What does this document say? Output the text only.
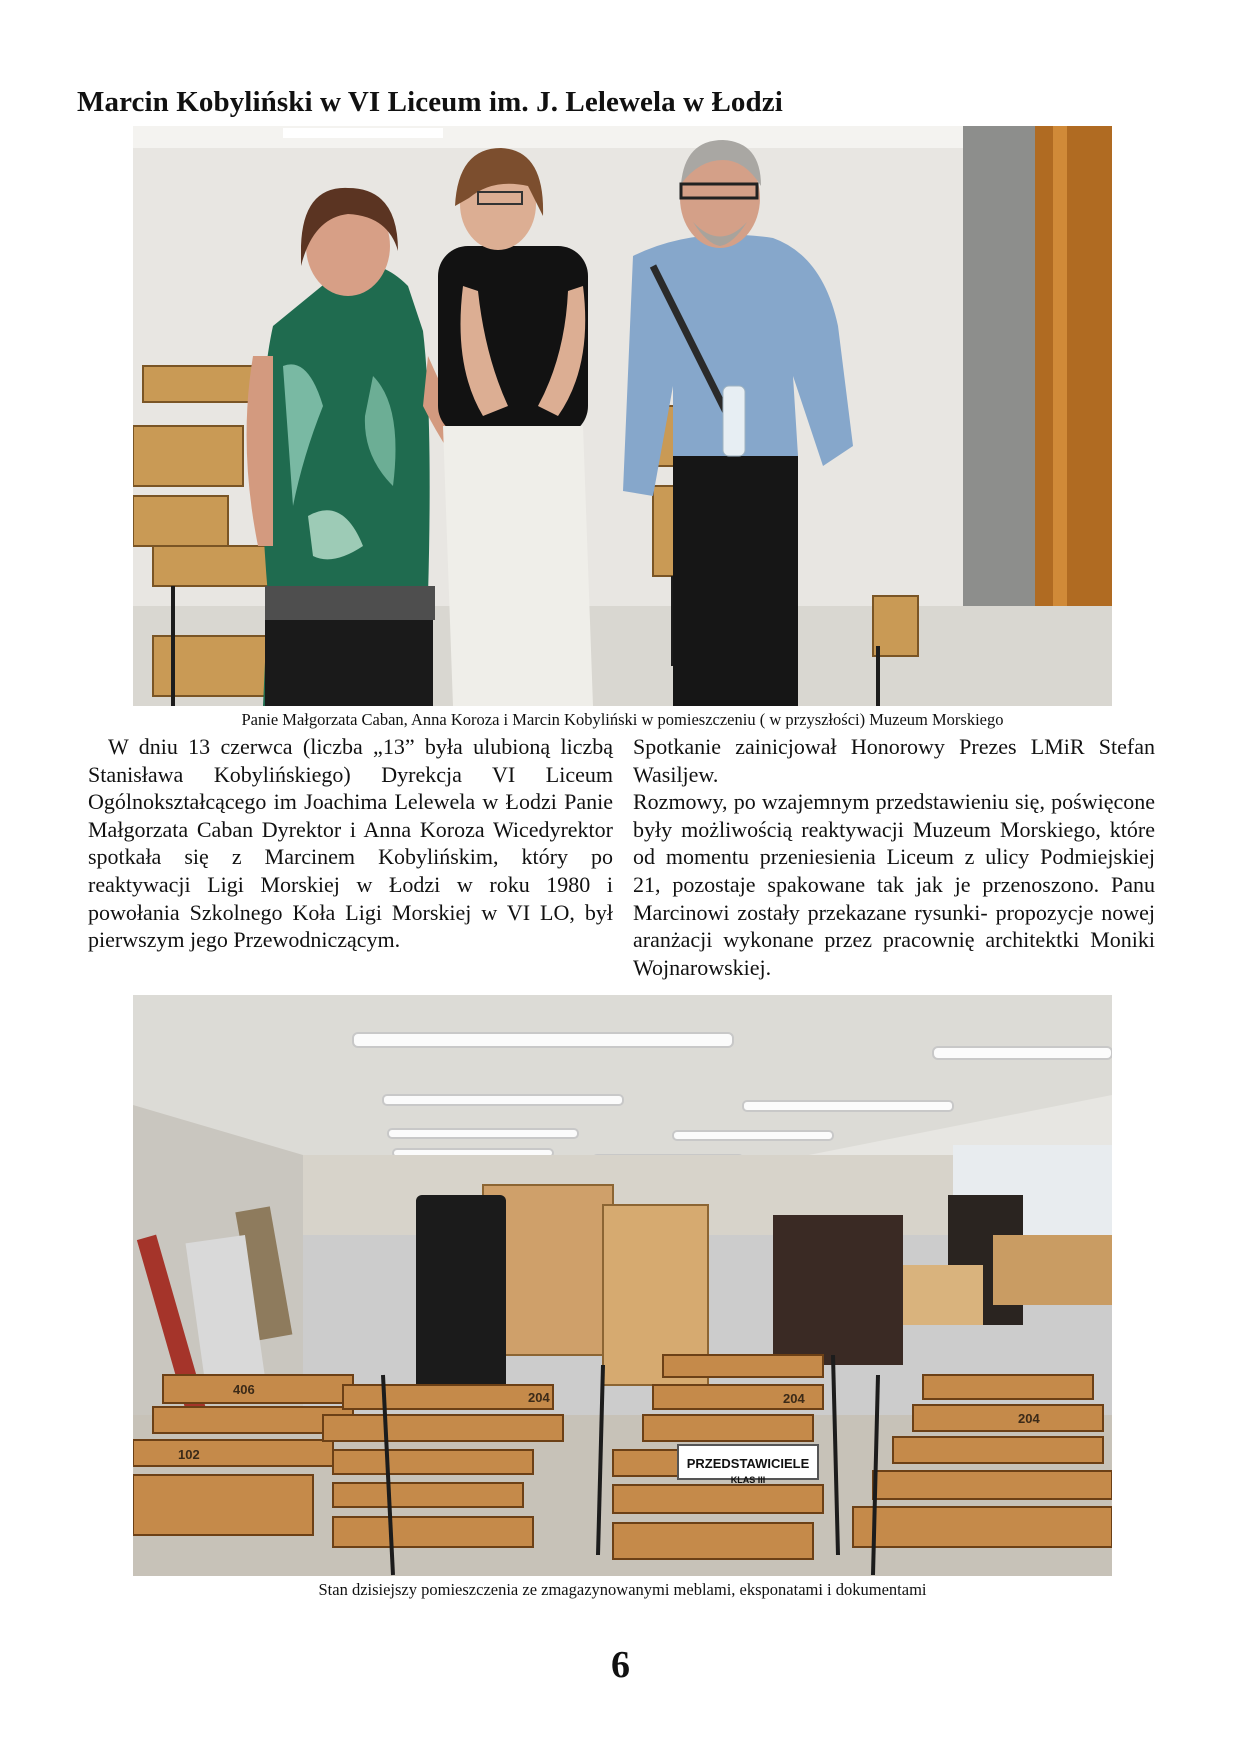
Marcin Kobyliński w VI Liceum im. J. Lelewela w Łodzi
Panie Małgorzata Caban, Anna Koroza i Marcin Kobyliński w pomieszczeniu ( w przyszłości) Muzeum Morskiego
W dniu 13 czerwca (liczba „13” była ulubioną liczbą Stanisława Kobylińskiego) Dyrekcja VI Liceum Ogólnokształcącego im Joachima Lelewela w Łodzi Panie Małgorzata Caban Dyrektor i Anna Koroza Wicedyrektor spotkała się z Marcinem Kobylińskim, który po reaktywacji Ligi Morskiej w Łodzi w roku 1980 i powołania Szkolnego Koła Ligi Morskiej w VI LO, był pierwszym jego Przewodniczącym.

Spotkanie zainicjował Honorowy Prezes LMiR Stefan Wasiljew.

Rozmowy, po wzajemnym przedstawieniu się, poświęcone były możliwością reaktywacji Muzeum Morskiego, które od momentu przeniesienia Liceum z ulicy Podmiejskiej 21, pozostaje spakowane tak jak je przenoszono. Panu Marcinowi zostały przekazane rysunki- propozycje nowej aranżacji wykonane przez pracownię architektki Moniki Wojnarowskiej.

PRZEDSTAWICIELE
KLAS III
406
204
102
204
204
Stan dzisiejszy pomieszczenia ze zmagazynowanymi meblami, eksponatami i dokumentami
6
